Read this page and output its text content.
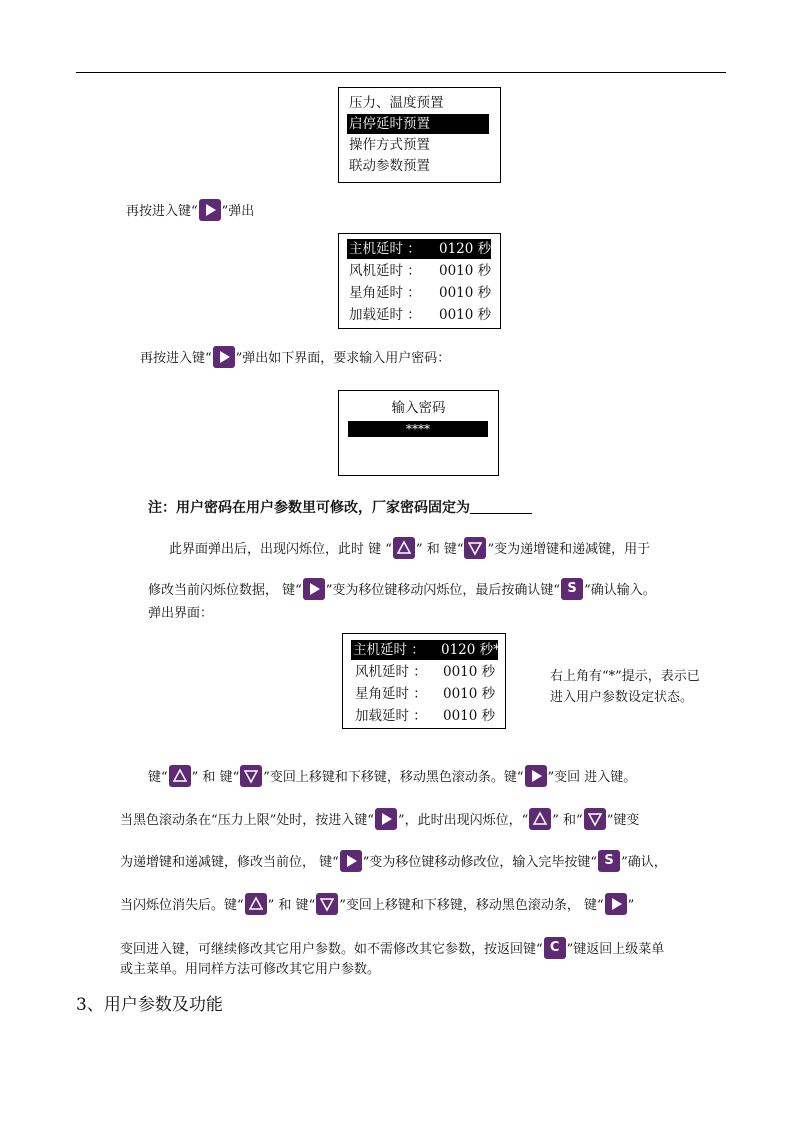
压力、温度预置
启停延时预置
操作方式预置
联动参数预置
再按进入键“ ”弹出
主机延时 ： 0120 秒
风机延时 ： 0010 秒
星角延时 ： 0010 秒
加载延时 ： 0010 秒
再按进入键“ ”弹出如下界面，要求输入用户密码：
输入密码
****
注：用户密码在用户参数里可修改，厂家密码固定为
此界面弹出后，出现闪烁位，此时 键 “ ” 和 键“ ”变为递增键和递减键，用于
修改当前闪烁位数据， 键“ ”变为移位键移动闪烁位，最后按确认键“ S ”确认输入。
弹出界面：
主机延时 ： 0120 秒*
风机延时 ： 0010 秒
星角延时 ： 0010 秒
加载延时 ： 0010 秒
右上角有“*”提示，表示已
进入用户参数设定状态。
键“ ” 和 键“ ”变回上移键和下移键，移动黑色滚动条。键“ ”变回 进入键。
当黑色滚动条在“压力上限”处时，按进入键“ ”，此时出现闪烁位，“ ” 和“ ”键变
为递增键和递减键，修改当前位， 键“ ”变为移位键移动修改位，输入完毕按键“ S ”确认，
当闪烁位消失后。键“ ” 和 键“ ”变回上移键和下移键，移动黑色滚动条， 键“ ”
变回进入键，可继续修改其它用户参数。如不需修改其它参数，按返回键“ C ”键返回上级菜单
或主菜单。用同样方法可修改其它用户参数。
3、用户参数及功能
